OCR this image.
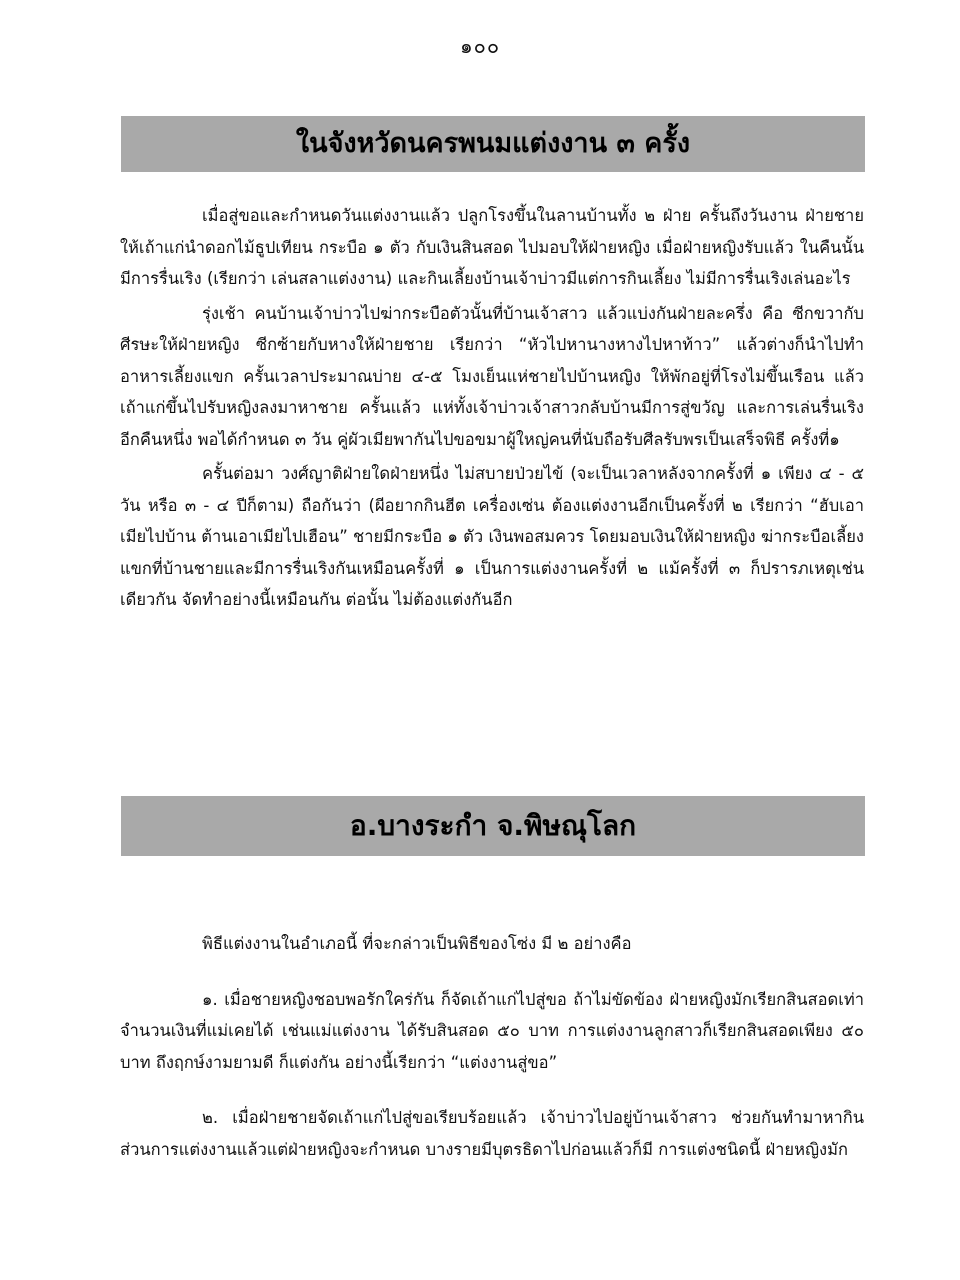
๑๐๐
ในจังหวัดนครพนมแต่งงาน ๓ ครั้ง

เมื่อสู่ขอและกำหนดวันแต่งงานแล้ว ปลูกโรงขึ้นในลานบ้านทั้ง ๒ ฝ่าย ครั้นถึงวันงาน ฝ่ายชายให้เถ้าแก่นำดอกไม้ธูปเทียน กระบือ ๑ ตัว กับเงินสินสอด ไปมอบให้ฝ่ายหญิง เมื่อฝ่ายหญิงรับแล้ว ในคืนนั้นมีการรื่นเริง (เรียกว่า เล่นสลาแต่งงาน) และกินเลี้ยงบ้านเจ้าบ่าวมีแต่การกินเลี้ยง ไม่มีการรื่นเริงเล่นอะไร

รุ่งเช้า คนบ้านเจ้าบ่าวไปฆ่ากระบือตัวนั้นที่บ้านเจ้าสาว แล้วแบ่งกันฝ่ายละครึ่ง คือ ซีกขวากับศีรษะให้ฝ่ายหญิง ซีกซ้ายกับหางให้ฝ่ายชาย เรียกว่า “หัวไปหานางหางไปหาท้าว” แล้วต่างก็นำไปทำอาหารเลี้ยงแขก ครั้นเวลาประมาณบ่าย ๔-๕ โมงเย็นแห่ชายไปบ้านหญิง ให้พักอยู่ที่โรงไม่ขึ้นเรือน แล้วเถ้าแก่ขึ้นไปรับหญิงลงมาหาชาย ครั้นแล้ว แห่ทั้งเจ้าบ่าวเจ้าสาวกลับบ้านมีการสู่ขวัญ และการเล่นรื่นเริงอีกคืนหนึ่ง พอได้กำหนด ๓ วัน คู่ผัวเมียพากันไปขอขมาผู้ใหญ่คนที่นับถือรับศีลรับพรเป็นเสร็จพิธี ครั้งที่๑

ครั้นต่อมา วงศ์ญาติฝ่ายใดฝ่ายหนึ่ง ไม่สบายป่วยไข้ (จะเป็นเวลาหลังจากครั้งที่ ๑ เพียง ๔ - ๕ วัน หรือ ๓ - ๔ ปีก็ตาม) ถือกันว่า (ผีอยากกินฮีต เครื่องเซ่น ต้องแต่งงานอีกเป็นครั้งที่ ๒ เรียกว่า “ฮับเอาเมียไปบ้าน ต้านเอาเมียไปเฮือน” ชายมีกระบือ ๑ ตัว เงินพอสมควร โดยมอบเงินให้ฝ่ายหญิง ฆ่ากระบือเลี้ยงแขกที่บ้านชายและมีการรื่นเริงกันเหมือนครั้งที่ ๑ เป็นการแต่งงานครั้งที่ ๒ แม้ครั้งที่ ๓ ก็ปรารภเหตุเช่นเดียวกัน จัดทำอย่างนี้เหมือนกัน ต่อนั้น ไม่ต้องแต่งกันอีก

อ.บางระกำ จ.พิษณุโลก

พิธีแต่งงานในอำเภอนี้ ที่จะกล่าวเป็นพิธีของโซ่ง มี ๒ อย่างคือ

๑. เมื่อชายหญิงชอบพอรักใคร่กัน ก็จัดเถ้าแก่ไปสู่ขอ ถ้าไม่ขัดข้อง ฝ่ายหญิงมักเรียกสินสอดเท่าจำนวนเงินที่แม่เคยได้ เช่นแม่แต่งงาน ได้รับสินสอด ๕๐ บาท การแต่งงานลูกสาวก็เรียกสินสอดเพียง ๕๐ บาท ถึงฤกษ์งามยามดี ก็แต่งกัน อย่างนี้เรียกว่า “แต่งงานสู่ขอ”

๒. เมื่อฝ่ายชายจัดเถ้าแก่ไปสู่ขอเรียบร้อยแล้ว เจ้าบ่าวไปอยู่บ้านเจ้าสาว ช่วยกันทำมาหากิน ส่วนการแต่งงานแล้วแต่ฝ่ายหญิงจะกำหนด บางรายมีบุตรธิดาไปก่อนแล้วก็มี การแต่งชนิดนี้ ฝ่ายหญิงมัก
